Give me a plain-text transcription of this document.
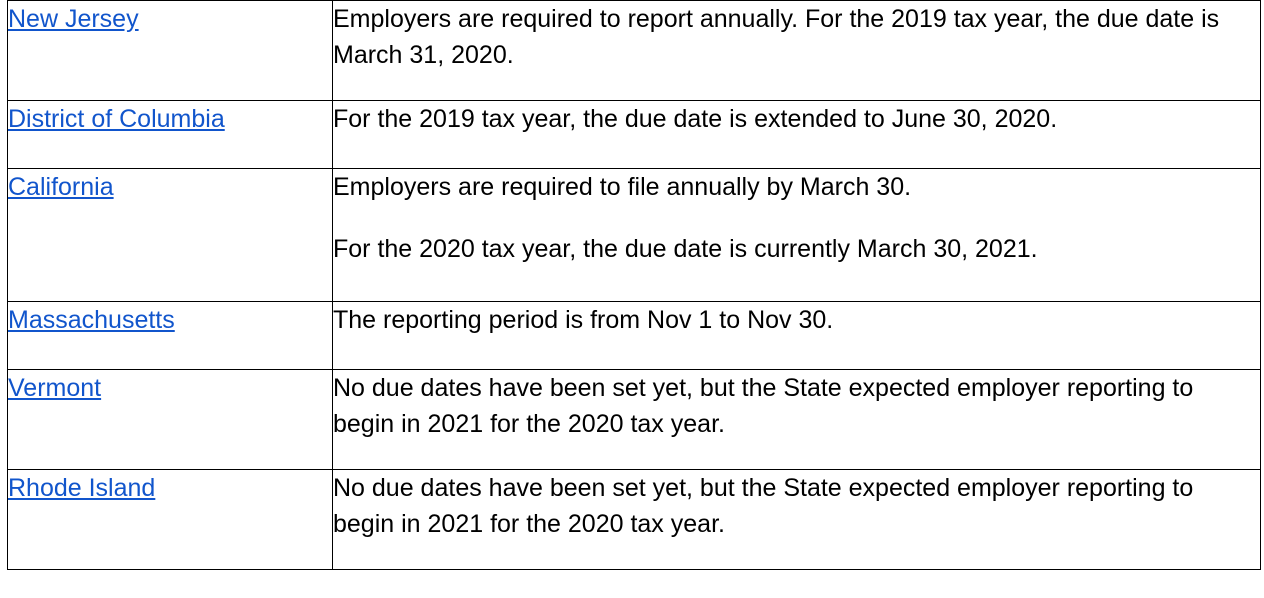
New Jersey	Employers are required to report annually. For the 2019 tax year, the due date is March 31, 2020.

District of Columbia	For the 2019 tax year, the due date is extended to June 30, 2020.

California	Employers are required to file annually by March 30.

For the 2020 tax year, the due date is currently March 30, 2021.

Massachusetts	The reporting period is from Nov 1 to Nov 30.

Vermont	No due dates have been set yet, but the State expected employer reporting to begin in 2021 for the 2020 tax year.

Rhode Island	No due dates have been set yet, but the State expected employer reporting to begin in 2021 for the 2020 tax year.
